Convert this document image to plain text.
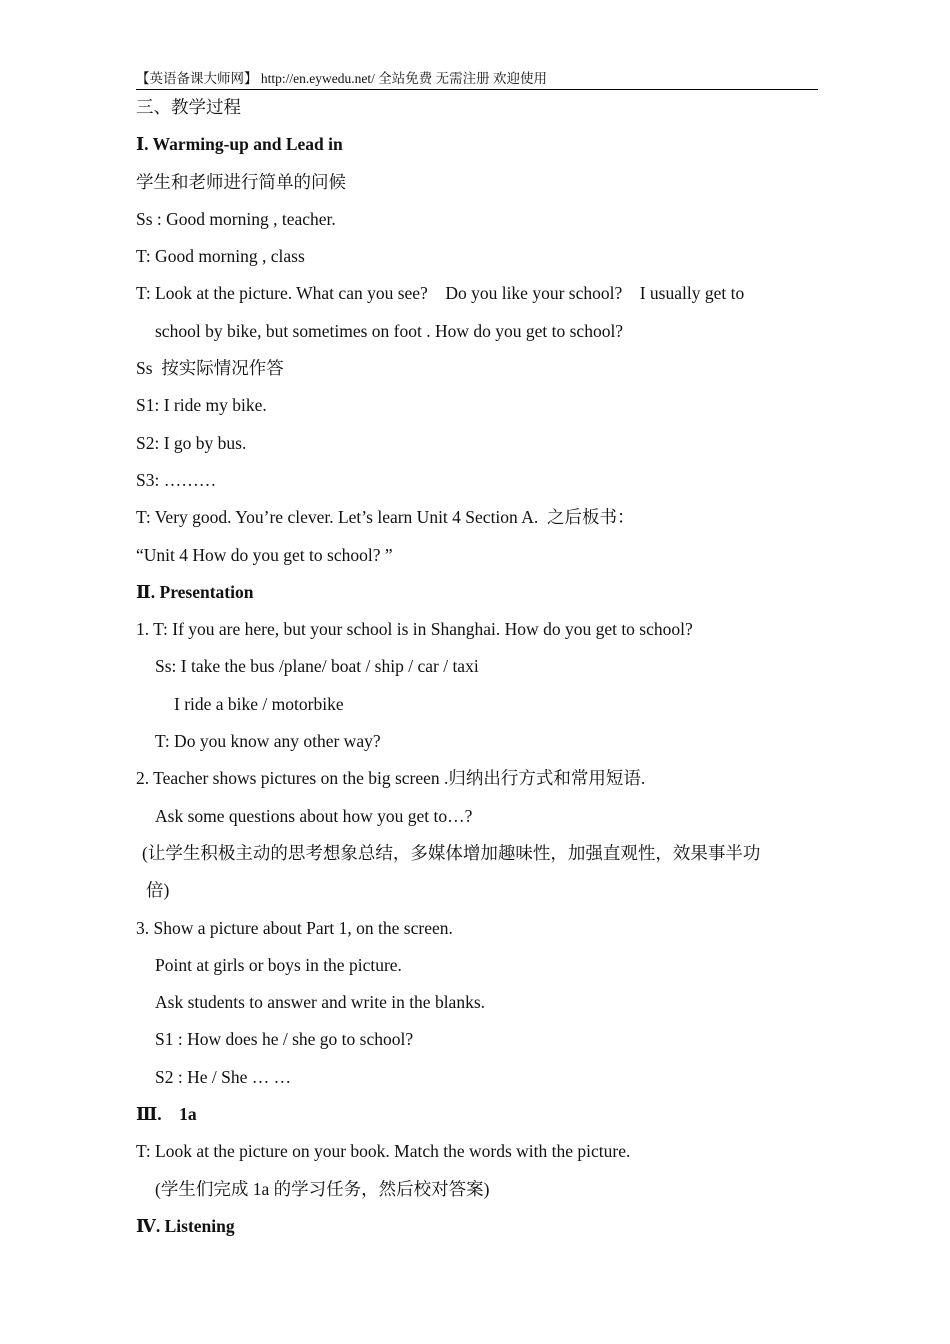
【英语备课大师网】 http://en.eywedu.net/ 全站免费 无需注册 欢迎使用
三、教学过程
Ⅰ. Warming-up and Lead in
学生和老师进行简单的问候
Ss : Good morning , teacher.
T: Good morning , class
T: Look at the picture. What can you see?    Do you like your school?    I usually get to
school by bike, but sometimes on foot . How do you get to school?
Ss  按实际情况作答
S1: I ride my bike.
S2: I go by bus.
S3: ………
T: Very good. You’re clever. Let’s learn Unit 4 Section A.  之后板书：
“Unit 4 How do you get to school? ”
Ⅱ. Presentation
1. T: If you are here, but your school is in Shanghai. How do you get to school?
Ss: I take the bus /plane/ boat / ship / car / taxi
I ride a bike / motorbike
T: Do you know any other way?
2. Teacher shows pictures on the big screen .归纳出行方式和常用短语.
Ask some questions about how you get to…?
(让学生积极主动的思考想象总结，多媒体增加趣味性，加强直观性，效果事半功
倍)
3. Show a picture about Part 1, on the screen.
Point at girls or boys in the picture.
Ask students to answer and write in the blanks.
S1 : How does he / she go to school?
S2 : He / She … …
Ⅲ.    1a
T: Look at the picture on your book. Match the words with the picture.
(学生们完成 1a 的学习任务，然后校对答案)
Ⅳ. Listening
